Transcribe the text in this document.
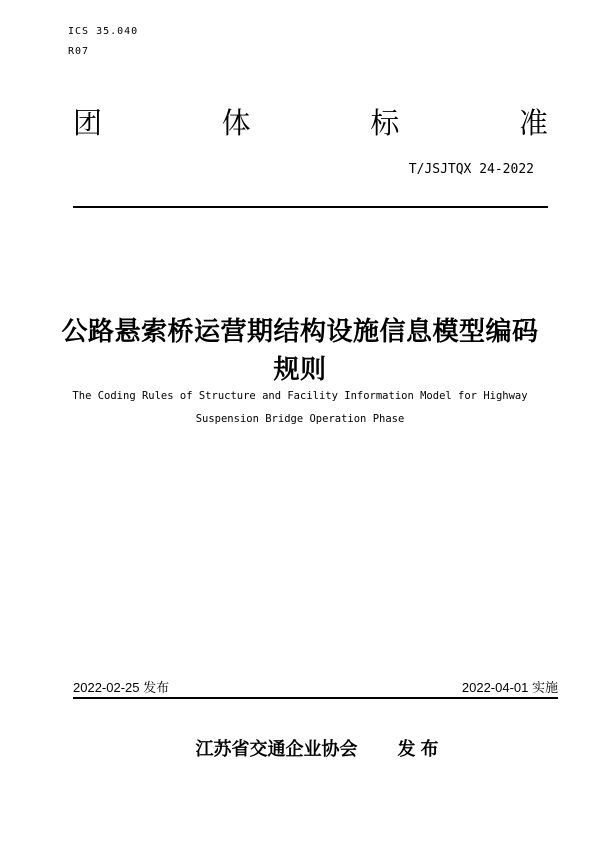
ICS 35.040
R07
团	体	标	准
T/JSJTQX 24-2022
公路悬索桥运营期结构设施信息模型编码
规则
The Coding Rules of Structure and Facility Information Model for Highway
Suspension Bridge Operation Phase
2022-02-25 发布	2022-04-01 实施
江苏省交通企业协会 发 布
